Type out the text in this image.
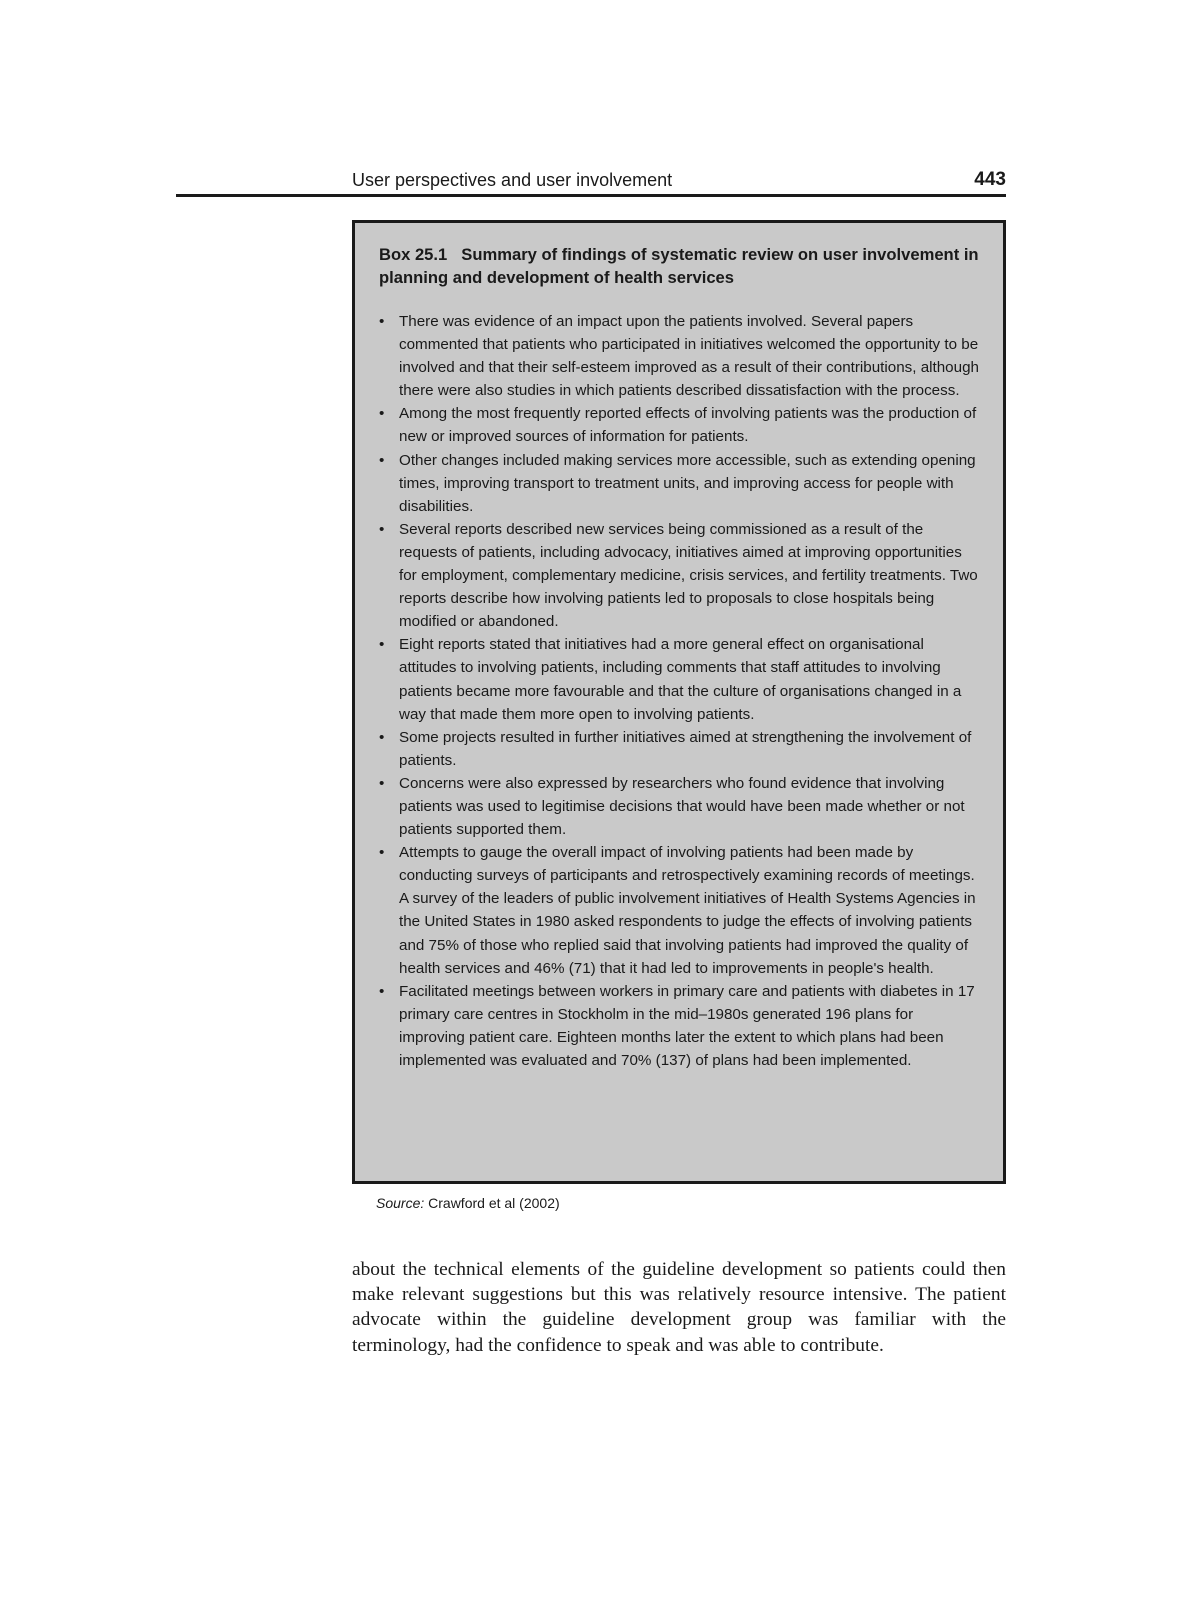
User perspectives and user involvement	443
Box 25.1 Summary of findings of systematic review on user involvement in planning and development of health services
• There was evidence of an impact upon the patients involved. Several papers commented that patients who participated in initiatives welcomed the opportunity to be involved and that their self-esteem improved as a result of their contributions, although there were also studies in which patients described dissatisfaction with the process.
• Among the most frequently reported effects of involving patients was the production of new or improved sources of information for patients.
• Other changes included making services more accessible, such as extending opening times, improving transport to treatment units, and improving access for people with disabilities.
• Several reports described new services being commissioned as a result of the requests of patients, including advocacy, initiatives aimed at improving opportunities for employment, complementary medicine, crisis services, and fertility treatments. Two reports describe how involving patients led to proposals to close hospitals being modified or abandoned.
• Eight reports stated that initiatives had a more general effect on organisational attitudes to involving patients, including comments that staff attitudes to involving patients became more favourable and that the culture of organisations changed in a way that made them more open to involving patients.
• Some projects resulted in further initiatives aimed at strengthening the involvement of patients.
• Concerns were also expressed by researchers who found evidence that involving patients was used to legitimise decisions that would have been made whether or not patients supported them.
• Attempts to gauge the overall impact of involving patients had been made by conducting surveys of participants and retrospectively examining records of meetings. A survey of the leaders of public involvement initiatives of Health Systems Agencies in the United States in 1980 asked respondents to judge the effects of involving patients and 75% of those who replied said that involving patients had improved the quality of health services and 46% (71) that it had led to improvements in people's health.
• Facilitated meetings between workers in primary care and patients with diabetes in 17 primary care centres in Stockholm in the mid–1980s generated 196 plans for improving patient care. Eighteen months later the extent to which plans had been implemented was evaluated and 70% (137) of plans had been implemented.
Source: Crawford et al (2002)

about the technical elements of the guideline development so patients could then make relevant suggestions but this was relatively resource intensive. The patient advocate within the guideline development group was familiar with the terminology, had the confidence to speak and was able to contribute.
